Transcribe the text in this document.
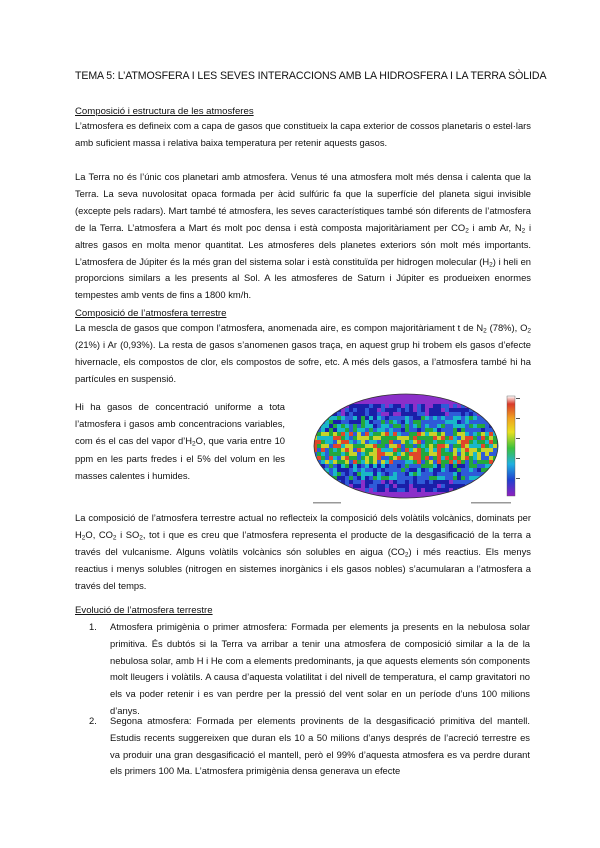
TEMA 5: L’ATMOSFERA I LES SEVES INTERACCIONS AMB LA HIDROSFERA I LA TERRA SÒLIDA
Composició i estructura de les atmosferes

L’atmosfera es defineix com a capa de gasos que constitueix la capa exterior de cossos planetaris o estel·lars amb suficient massa i relativa baixa temperatura per retenir aquests gasos.

La Terra no és l’únic cos planetari amb atmosfera. Venus té una atmosfera molt més densa i calenta que la Terra. La seva nuvolositat opaca formada per àcid sulfúric fa que la superfície del planeta sigui invisible (excepte pels radars). Mart també té atmosfera, les seves característiques també són diferents de l’atmosfera de la Terra. L’atmosfera a Mart és molt poc densa i està composta majoritàriament per $CO_2$ i amb Ar, $N_2$ i altres gasos en molta menor quantitat. Les atmosferes dels planetes exteriors són molt més importants. L’atmosfera de Júpiter és la més gran del sistema solar i està constituïda per hidrogen molecular $(H_2)$ i heli en proporcions similars a les presents al Sol. A les atmosferes de Saturn i Júpiter es produeixen enormes tempestes amb vents de fins a 1800 km/h.

Composició de l’atmosfera terrestre

La mescla de gasos que compon l’atmosfera, anomenada aire, es compon majoritàriament t de $N_2$ (78%), $O_2$ (21%) i Ar (0,93%). La resta de gasos s’anomenen gasos traça, en aquest grup hi trobem els gasos d’efecte hivernacle, els compostos de clor, els compostos de sofre, etc. A més dels gasos, a l’atmosfera també hi ha partícules en suspensió.

Hi ha gasos de concentració uniforme a tota l’atmosfera i gasos amb concentracions variables, com és el cas del vapor $d’H_2O$, que varia entre 10 ppm en les parts fredes i el 5% del volum en les masses calentes i humides.

La composició de l’atmosfera terrestre actual no reflecteix la composició dels volàtils volcànics, dominats per $H_2O$, $CO_2$ i $SO_2$, tot i que es creu que l’atmosfera representa el producte de la desgasificació de la terra a través del vulcanisme. Alguns volàtils volcànics són solubles en aigua $(CO_2)$ i més reactius. Els menys reactius i menys solubles (nitrogen en sistemes inorgànics i els gasos nobles) s’acumularan a l’atmosfera a través del temps.

Evolució de l’atmosfera terrestre
1. Atmosfera primigènia o primer atmosfera: Formada per elements ja presents en la nebulosa solar primitiva. És dubtós si la Terra va arribar a tenir una atmosfera de composició similar a la de la nebulosa solar, amb H i He com a elements predominants, ja que aquests elements són components molt lleugers i volàtils. A causa d’aquesta volatilitat i del nivell de temperatura, el camp gravitatori no els va poder retenir i es van perdre per la pressió del vent solar en un període d’uns 100 milions d’anys.

2. Segona atmosfera: Formada per elements provinents de la desgasificació primitiva del mantell. Estudis recents suggereixen que duran els 10 a 50 milions d’anys després de l’acreció terrestre es va produir una gran desgasificació el mantell, però el 99% d’aquesta atmosfera es va perdre durant els primers 100 Ma. L’atmosfera primigènia densa generava un efecte
